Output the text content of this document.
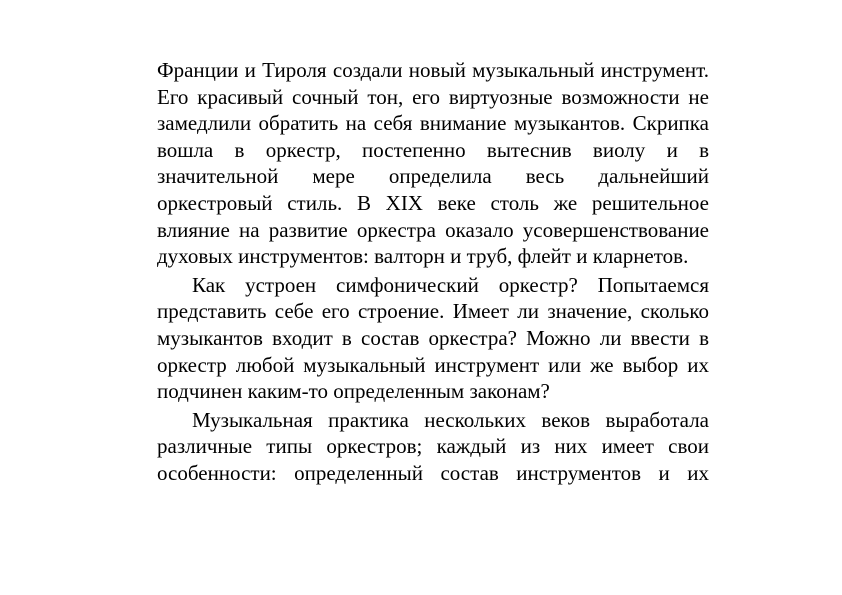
Франции и Тироля создали новый музыкальный инструмент. Его красивый сочный тон, его виртуозные возможности не замедлили обратить на себя внимание музыкантов. Скрипка вошла в оркестр, постепенно вытеснив виолу и в значительной мере определила весь дальнейший оркестровый стиль. В XIX веке столь же решительное влияние на развитие оркестра оказало усовершенствование духовых инструментов: валторн и труб, флейт и кларнетов.

Как устроен симфонический оркестр? Попытаемся представить себе его строение. Имеет ли значение, сколько музыкантов входит в состав оркестра? Можно ли ввести в оркестр любой музыкальный инструмент или же выбор их подчинен каким-то определенным законам?

Музыкальная практика нескольких веков выработала различные типы оркестров; каждый из них имеет свои особенности: определенный состав инструментов и их
